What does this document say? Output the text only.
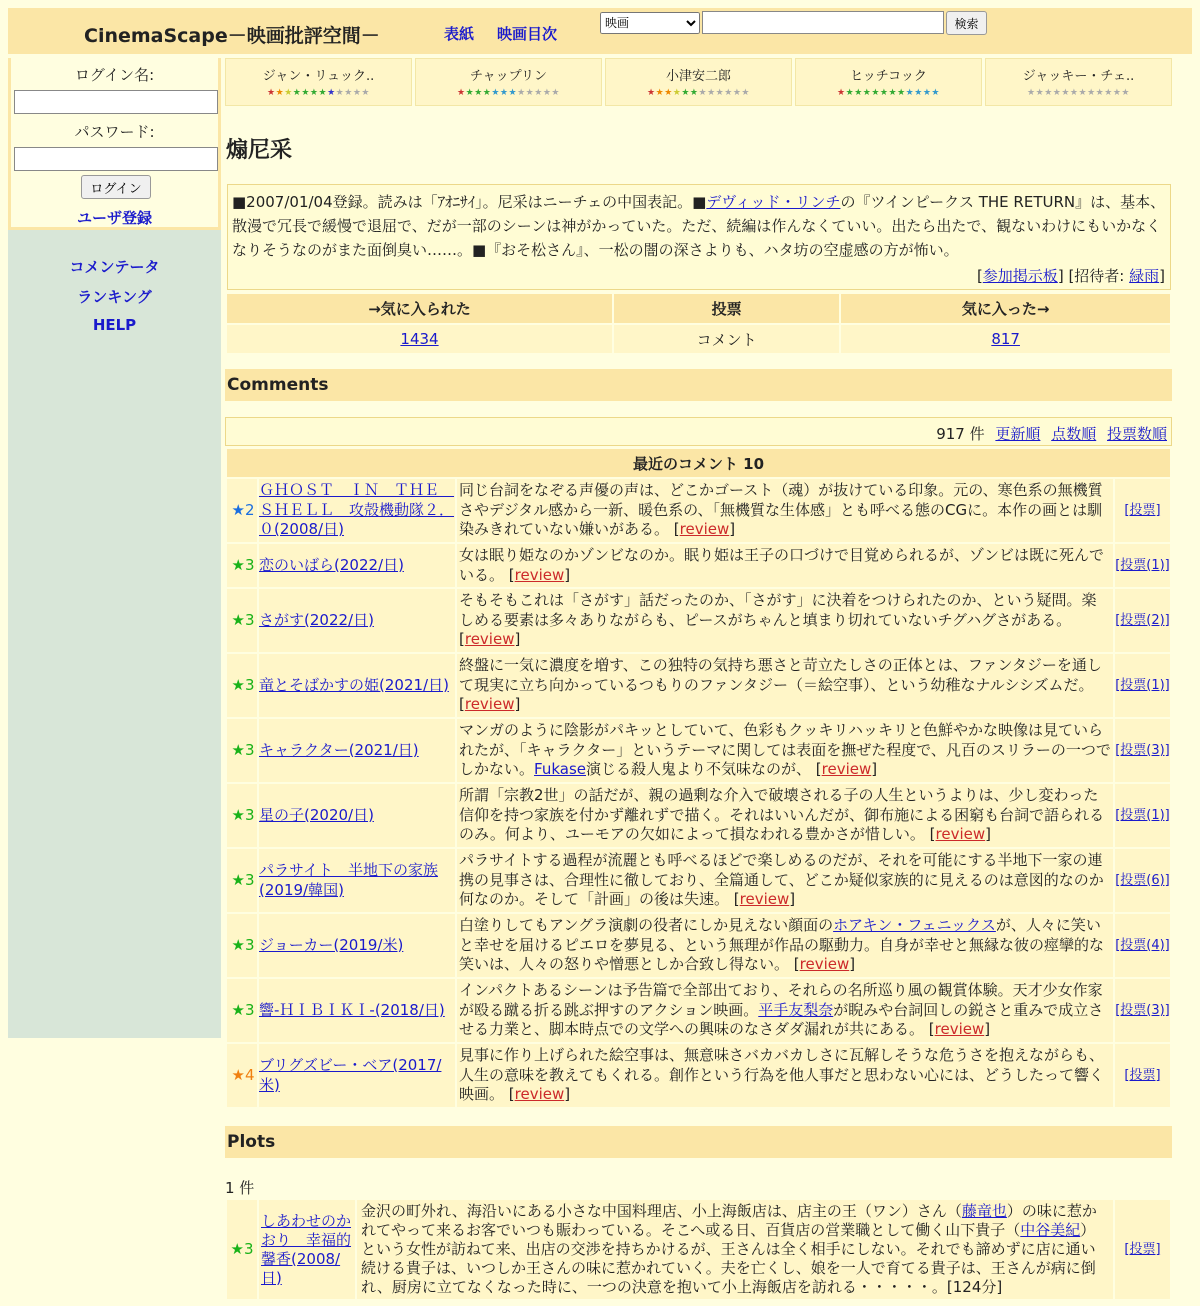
CinemaScape－映画批評空間－	表紙 映画目次
映画
検索
ログイン名:
パスワード:
ログイン
ユーザ登録
コメンテータ
ランキング
HELP
ジャン・リュック..
★★★★★★★★★★★★
チャップリン
★★★★★★★★★★★★
小津安二郎
★★★★★★★★★★★★
ヒッチコック
★★★★★★★★★★★★
ジャッキー・チェ..
★★★★★★★★★★★★
煽尼采
■2007/01/04登録。読みは「ｱｵﾆｻｲ」。尼采はニーチェの中国表記。■デヴィッド・リンチの『ツインピークス THE RETURN』は、基本、散漫で冗長で緩慢で退屈で、だが一部のシーンは神がかっていた。ただ、続編は作んなくていい。出たら出たで、観ないわけにもいかなくなりそうなのがまた面倒臭い……。■『おそ松さん』、一松の闇の深さよりも、ハタ坊の空虚感の方が怖い。
[参加掲示板] [招待者: 緑雨]
→気に入られた	投票	気に入った→
1434	コメント	817
Comments
917 件 更新順 点数順 投票数順
最近のコメント 10			
★2	ＧＨＯＳＴ　ＩＮ　ＴＨＥ　ＳＨＥＬＬ　攻殻機動隊２．０(2008/日)	同じ台詞をなぞる声優の声は、どこかゴースト（魂）が抜けている印象。元の、寒色系の無機質さやデジタル感から一新、暖色系の、「無機質な生体感」とも呼べる態のCGに。本作の画とは馴染みきれていない嫌いがある。 [review]	[投票]
★3	恋のいばら(2022/日)	女は眠り姫なのかゾンビなのか。眠り姫は王子の口づけで目覚められるが、ゾンビは既に死んでいる。 [review]	[投票(1)]
★3	さがす(2022/日)	そもそもこれは「さがす」話だったのか、「さがす」に決着をつけられたのか、という疑問。楽しめる要素は多々ありながらも、ピースがちゃんと填まり切れていないチグハグさがある。 [review]	[投票(2)]
★3	竜とそばかすの姫(2021/日)	終盤に一気に濃度を増す、この独特の気持ち悪さと苛立たしさの正体とは、ファンタジーを通して現実に立ち向かっているつもりのファンタジー（＝絵空事）、という幼稚なナルシシズムだ。 [review]	[投票(1)]
★3	キャラクター(2021/日)	マンガのように陰影がパキッとしていて、色彩もクッキリハッキリと色鮮やかな映像は見ていられたが、「キャラクター」というテーマに関しては表面を撫ぜた程度で、凡百のスリラーの一つでしかない。Fukase演じる殺人鬼より不気味なのが、 [review]	[投票(3)]
★3	星の子(2020/日)	所謂「宗教2世」の話だが、親の過剰な介入で破壊される子の人生というよりは、少し変わった信仰を持つ家族を付かず離れずで描く。それはいいんだが、御布施による困窮も台詞で語られるのみ。何より、ユーモアの欠如によって損なわれる豊かさが惜しい。 [review]	[投票(1)]
★3	パラサイト　半地下の家族(2019/韓国)	パラサイトする過程が流麗とも呼べるほどで楽しめるのだが、それを可能にする半地下一家の連携の見事さは、合理性に徹しており、全篇通して、どこか疑似家族的に見えるのは意図的なのか何なのか。そして「計画」の後は失速。 [review]	[投票(6)]
★3	ジョーカー(2019/米)	白塗りしてもアングラ演劇の役者にしか見えない顔面のホアキン・フェニックスが、人々に笑いと幸せを届けるピエロを夢見る、という無理が作品の駆動力。自身が幸せと無縁な彼の痙攣的な笑いは、人々の怒りや憎悪としか合致し得ない。 [review]	[投票(4)]
★3	響-ＨＩＢＩＫＩ-(2018/日)	インパクトあるシーンは予告篇で全部出ており、それらの名所巡り風の観賞体験。天才少女作家が殴る蹴る折る跳ぶ押すのアクション映画。平手友梨奈が睨みや台詞回しの鋭さと重みで成立させる力業と、脚本時点での文学への興味のなさダダ漏れが共にある。 [review]	[投票(3)]
★4	ブリグズビー・ベア(2017/米)	見事に作り上げられた絵空事は、無意味さバカバカしさに瓦解しそうな危うさを抱えながらも、人生の意味を教えてもくれる。創作という行為を他人事だと思わない心には、どうしたって響く映画。 [review]	[投票]
Plots
1 件
★3	しあわせのかおり　幸福的馨香(2008/日)	金沢の町外れ、海沿いにある小さな中国料理店、小上海飯店は、店主の王（ワン）さん（藤竜也）の味に惹かれてやって来るお客でいつも賑わっている。そこへ或る日、百貨店の営業職として働く山下貴子（中谷美紀）という女性が訪ねて来、出店の交渉を持ちかけるが、王さんは全く相手にしない。それでも諦めずに店に通い続ける貴子は、いつしか王さんの味に惹かれていく。夫を亡くし、娘を一人で育てる貴子は、王さんが病に倒れ、厨房に立てなくなった時に、一つの決意を抱いて小上海飯店を訪れる・・・・・。[124分]	[投票]
